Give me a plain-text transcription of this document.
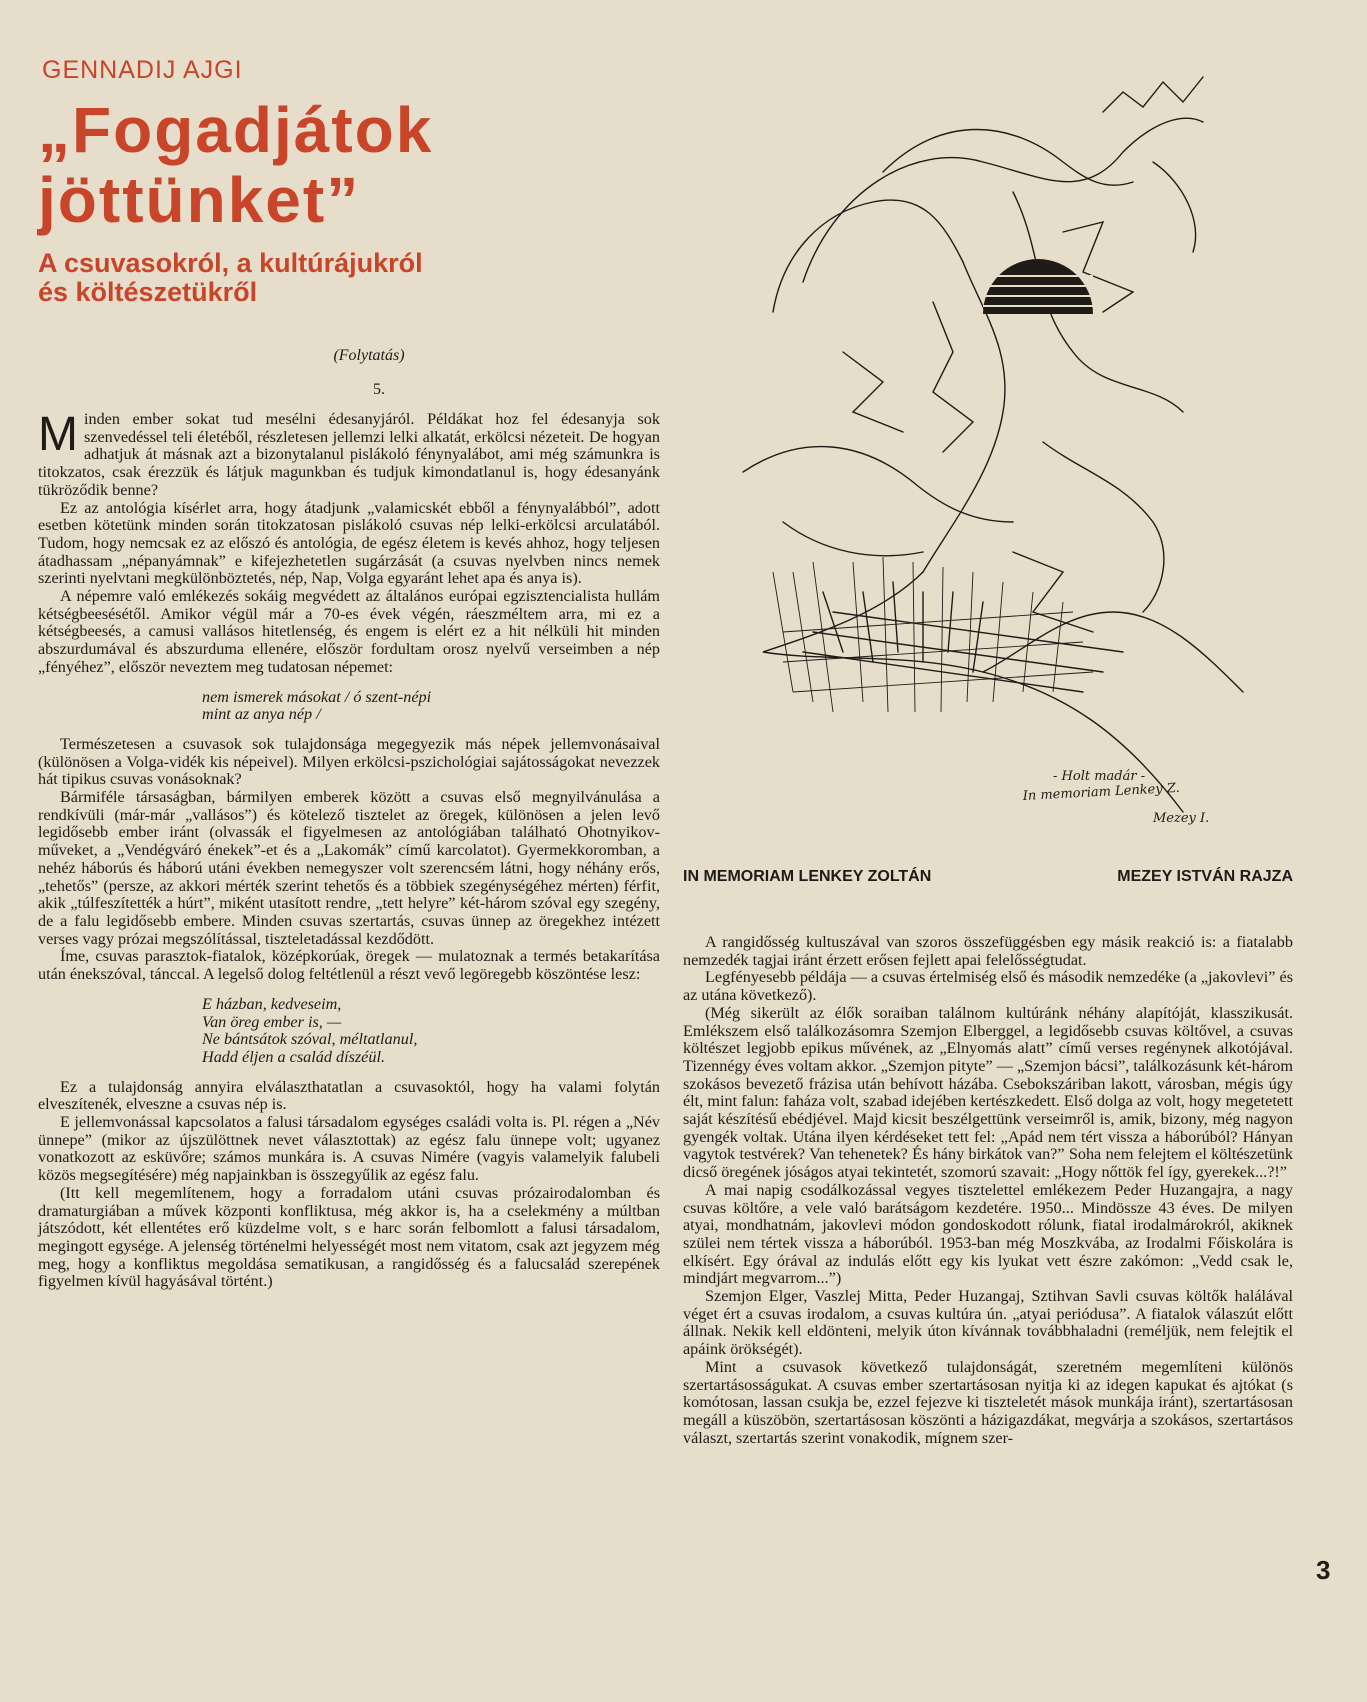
GENNADIJ AJGI
„Fogadjátok
jöttünket”
A csuvasokról, a kultúrájukról
és költészetükről
(Folytatás)
5.

Minden ember sokat tud mesélni édesanyjáról. Példákat hoz fel édesanyja sok szenvedéssel teli életéből, részletesen jellemzi lelki alkatát, erkölcsi nézeteit. De hogyan adhatjuk át másnak azt a bizonytalanul pislákoló fénynyalábot, ami még számunkra is titokzatos, csak érezzük és látjuk magunkban és tudjuk kimondatlanul is, hogy édesanyánk tükröződik benne?

Ez az antológia kísérlet arra, hogy átadjunk „valamicskét ebből a fénynyalábból”, adott esetben kötetünk minden során titokzatosan pislákoló csuvas nép lelki-erkölcsi arculatából. Tudom, hogy nemcsak ez az előszó és antológia, de egész életem is kevés ahhoz, hogy teljesen átadhassam „népanyámnak” e kifejezhetetlen sugárzását (a csuvas nyelvben nincs nemek szerinti nyelvtani megkülönböztetés, nép, Nap, Volga egyaránt lehet apa és anya is).

A népemre való emlékezés sokáig megvédett az általános európai egzisztencialista hullám kétségbeesésétől. Amikor végül már a 70-es évek végén, ráeszméltem arra, mi ez a kétségbeesés, a camusi vallásos hitetlenség, és engem is elért ez a hit nélküli hit minden abszurdumával és abszurduma ellenére, először fordultam orosz nyelvű verseimben a nép „fényéhez”, először neveztem meg tudatosan népemet:

nem ismerek másokat / ó szent-népi
mint az anya nép /

Természetesen a csuvasok sok tulajdonsága megegyezik más népek jellemvonásaival (különösen a Volga-vidék kis népeivel). Milyen erkölcsi-pszichológiai sajátosságokat nevezzek hát tipikus csuvas vonásoknak?

Bármiféle társaságban, bármilyen emberek között a csuvas első megnyilvánulása a rendkívüli (már-már „vallásos”) és kötelező tisztelet az öregek, különösen a jelen levő legidősebb ember iránt (olvassák el figyelmesen az antológiában található Ohotnyikov-műveket, a „Vendégváró énekek”-et és a „Lakomák” című karcolatot). Gyermekkoromban, a nehéz háborús és háború utáni években nemegyszer volt szerencsém látni, hogy néhány erős, „tehetős” (persze, az akkori mérték szerint tehetős és a többiek szegénységéhez mérten) férfit, akik „túlfeszítették a húrt”, miként utasított rendre, „tett helyre” két-három szóval egy szegény, de a falu legidősebb embere. Minden csuvas szertartás, csuvas ünnep az öregekhez intézett verses vagy prózai megszólítással, tiszteletadással kezdődött.

Íme, csuvas parasztok-fiatalok, középkorúak, öregek — mulatoznak a termés betakarítása után énekszóval, tánccal. A legelső dolog feltétlenül a részt vevő legöregebb köszöntése lesz:

E házban, kedveseim,
Van öreg ember is, —
Ne bántsátok szóval, méltatlanul,
Hadd éljen a család díszéül.

Ez a tulajdonság annyira elválaszthatatlan a csuvasoktól, hogy ha valami folytán elveszítenék, elveszne a csuvas nép is.

E jellemvonással kapcsolatos a falusi társadalom egységes családi volta is. Pl. régen a „Név ünnepe” (mikor az újszülöttnek nevet választottak) az egész falu ünnepe volt; ugyanez vonatkozott az esküvőre; számos munkára is. A csuvas Nimére (vagyis valamelyik falubeli közös megsegítésére) még napjainkban is összegyűlik az egész falu.

(Itt kell megemlítenem, hogy a forradalom utáni csuvas prózairodalomban és dramaturgiában a művek központi konfliktusa, még akkor is, ha a cselekmény a múltban játszódott, két ellentétes erő küzdelme volt, s e harc során felbomlott a falusi társadalom, megingott egysége. A jelenség történelmi helyességét most nem vitatom, csak azt jegyzem még meg, hogy a konfliktus megoldása sematikusan, a rangidősség és a falucsalád szerepének figyelmen kívül hagyásával történt.)

- Holt madár -
In memoriam Lenkey Z.
Mezey I.
IN MEMORIAM LENKEY ZOLTÁN	MEZEY ISTVÁN RAJZA

A rangidősség kultuszával van szoros összefüggésben egy másik reakció is: a fiatalabb nemzedék tagjai iránt érzett erősen fejlett apai felelősségtudat.

Legfényesebb példája — a csuvas értelmiség első és második nemzedéke (a „jakovlevi” és az utána következő).

(Még sikerült az élők soraiban találnom kultúránk néhány alapítóját, klasszikusát. Emlékszem első találkozásomra Szemjon Elberggel, a legidősebb csuvas költővel, a csuvas költészet legjobb epikus művének, az „Elnyomás alatt” című verses regénynek alkotójával. Tizennégy éves voltam akkor. „Szemjon pityte” — „Szemjon bácsi”, találkozásunk két-három szokásos bevezető frázisa után behívott házába. Csebokszáriban lakott, városban, mégis úgy élt, mint falun: faháza volt, szabad idejében kertészkedett. Első dolga az volt, hogy megetetett saját készítésű ebédjével. Majd kicsit beszélgettünk verseimről is, amik, bizony, még nagyon gyengék voltak. Utána ilyen kérdéseket tett fel: „Apád nem tért vissza a háborúból? Hányan vagytok testvérek? Van tehenetek? És hány birkátok van?” Soha nem felejtem el költészetünk dicső öregének jóságos atyai tekintetét, szomorú szavait: „Hogy nőttök fel így, gyerekek...?!”

A mai napig csodálkozással vegyes tisztelettel emlékezem Peder Huzangajra, a nagy csuvas költőre, a vele való barátságom kezdetére. 1950... Mindössze 43 éves. De milyen atyai, mondhatnám, jakovlevi módon gondoskodott rólunk, fiatal irodalmárokról, akiknek szülei nem tértek vissza a háborúból. 1953-ban még Moszkvába, az Irodalmi Főiskolára is elkísért. Egy órával az indulás előtt egy kis lyukat vett észre zakómon: „Vedd csak le, mindjárt megvarrom...”)

Szemjon Elger, Vaszlej Mitta, Peder Huzangaj, Sztihvan Savli csuvas költők halálával véget ért a csuvas irodalom, a csuvas kultúra ún. „atyai periódusa”. A fiatalok válaszút előtt állnak. Nekik kell eldönteni, melyik úton kívánnak továbbhaladni (reméljük, nem felejtik el apáink örökségét).

Mint a csuvasok következő tulajdonságát, szeretném megemlíteni különös szertartásosságukat. A csuvas ember szertartásosan nyitja ki az idegen kapukat és ajtókat (s komótosan, lassan csukja be, ezzel fejezve ki tiszteletét mások munkája iránt), szertartásosan megáll a küszöbön, szertartásosan köszönti a házigazdákat, megvárja a szokásos, szertartásos választ, szertartás szerint vonakodik, mígnem szer-

3
